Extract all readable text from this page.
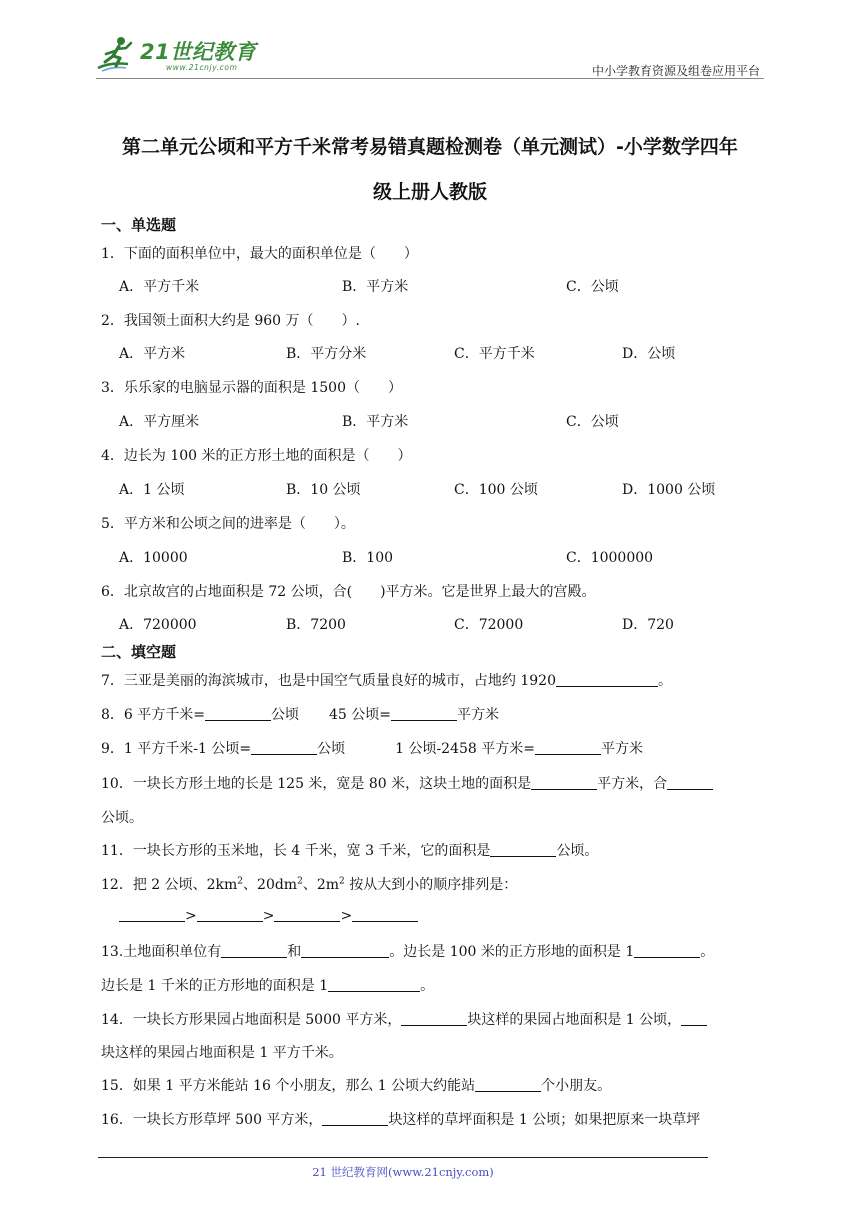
21世纪教育
www.21cnjy.com	中小学教育资源及组卷应用平台
第二单元公顷和平方千米常考易错真题检测卷（单元测试）-小学数学四年
级上册人教版
一、单选题
1．下面的面积单位中，最大的面积单位是（　　）
A．平方千米	B．平方米	C．公顷
2．我国领土面积大约是 960 万（　　）.
A．平方米	B．平方分米	C．平方千米	D．公顷
3．乐乐家的电脑显示器的面积是 1500（　　）
A．平方厘米	B．平方米	C．公顷
4．边长为 100 米的正方形土地的面积是（　　）
A．1 公顷	B．10 公顷	C．100 公顷	D．1000 公顷
5．平方米和公顷之间的进率是（　　）。
A．10000	B．100	C．1000000
6．北京故宫的占地面积是 72 公顷，合(　　)平方米。它是世界上最大的宫殿。
A．720000	B．7200	C．72000	D．720
二、填空题
7．三亚是美丽的海滨城市，也是中国空气质量良好的城市，占地约 1920	。
8．6 平方千米=	公顷 45 公顷=	平方米
9．1 平方千米-1 公顷=	公顷	1 公顷-2458 平方米=	平方米
10．一块长方形土地的长是 125 米，宽是 80 米，这块土地的面积是	平方米，合
公顷。
11．一块长方形的玉米地，长 4 千米，宽 3 千米，它的面积是	公顷。
12．把 2 公顷、$2km^2$、$20dm^2$、$2m^2$ 按从大到小的顺序排列是：
>	>	>
13.土地面积单位有	和	。边长是 100 米的正方形地的面积是 1	。
边长是 1 千米的正方形地的面积是 1	。
14．一块长方形果园占地面积是 5000 平方米，	块这样的果园占地面积是 1 公顷，
块这样的果园占地面积是 1 平方千米。
15．如果 1 平方米能站 16 个小朋友，那么 1 公顷大约能站	个小朋友。
16．一块长方形草坪 500 平方米，	块这样的草坪面积是 1 公顷；如果把原来一块草坪
21 世纪教育网(www.21cnjy.com)
